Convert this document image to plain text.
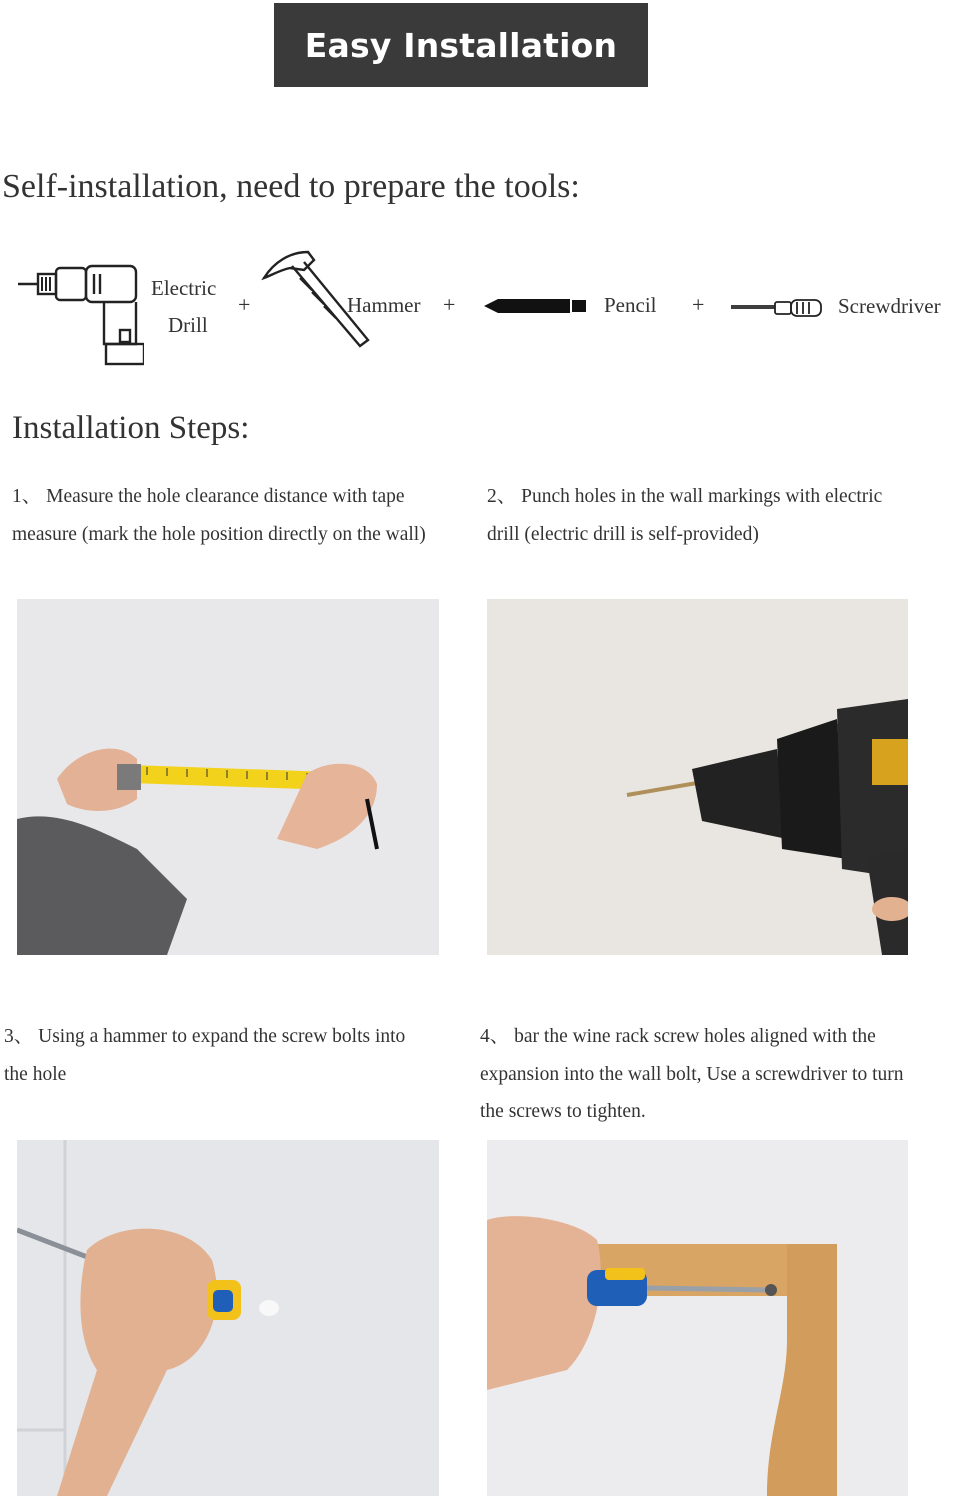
Easy Installation
Self-installation, need to prepare the tools:
Electric
Drill
+	Hammer +	Pencil +	Screwdriver
Installation Steps:

1、 Measure the hole clearance distance with tape measure (mark the hole position directly on the wall)

2、 Punch holes in the wall markings with electric drill (electric drill is self-provided)

3、 Using a hammer to expand the screw bolts into the hole

4、 bar the wine rack screw holes aligned with the expansion into the wall bolt, Use a screwdriver to turn the screws to tighten.
